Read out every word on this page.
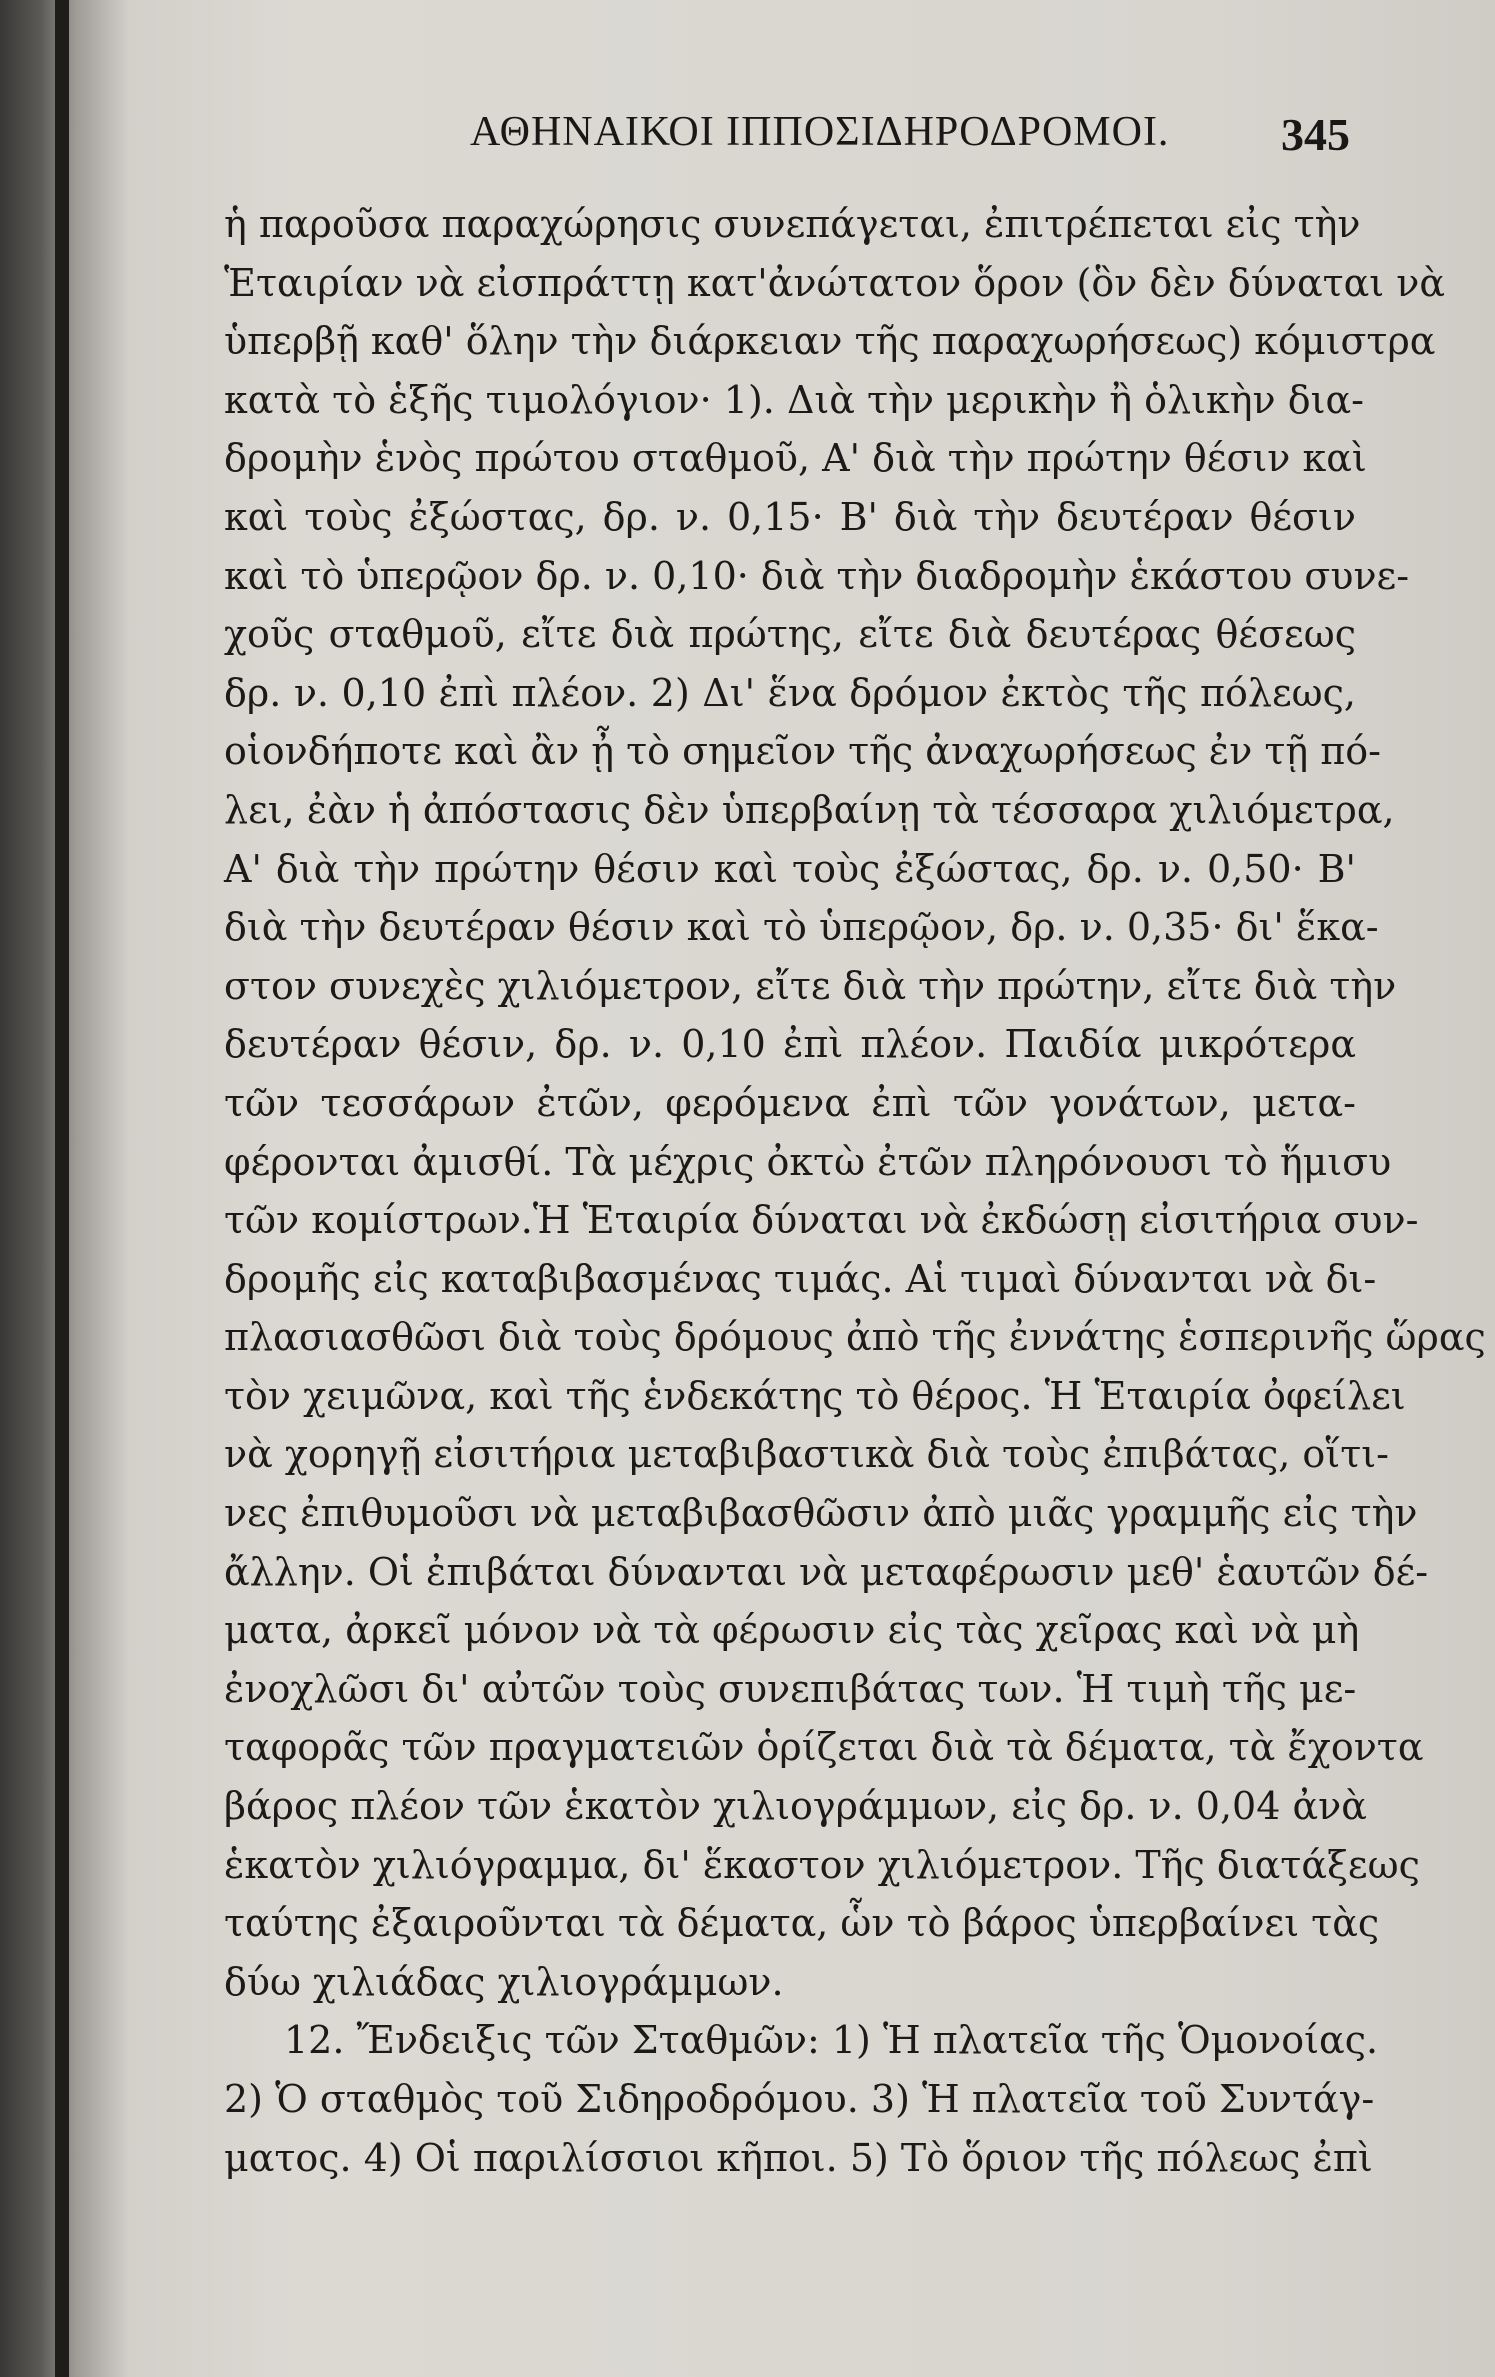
ΑΘΗΝΑΙΚΟΙ ΙΠΠΟΣΙΔΗΡΟΔΡΟΜΟΙ. 345
ἡ παροῦσα παραχώρησις συνεπάγεται, ἐπιτρέπεται εἰς τὴν
Ἑταιρίαν νὰ εἰσπράττῃ κατ'ἀνώτατον ὅρον (ὃν δὲν δύναται νὰ
ὑπερβῇ καθ' ὅλην τὴν διάρκειαν τῆς παραχωρήσεως) κόμιστρα
κατὰ τὸ ἑξῆς τιμολόγιον· 1). Διὰ τὴν μερικὴν ἢ ὁλικὴν δια-
δρομὴν ἑνὸς πρώτου σταθμοῦ, Α' διὰ τὴν πρώτην θέσιν καὶ
καὶ τοὺς ἐξώστας, δρ. ν. 0,15· Β' διὰ τὴν δευτέραν θέσιν
καὶ τὸ ὑπερῷον δρ. ν. 0,10· διὰ τὴν διαδρομὴν ἑκάστου συνε-
χοῦς σταθμοῦ, εἴτε διὰ πρώτης, εἴτε διὰ δευτέρας θέσεως
δρ. ν. 0,10 ἐπὶ πλέον. 2) Δι' ἕνα δρόμον ἐκτὸς τῆς πόλεως,
οἱονδήποτε καὶ ἂν ᾖ τὸ σημεῖον τῆς ἀναχωρήσεως ἐν τῇ πό-
λει, ἐὰν ἡ ἀπόστασις δὲν ὑπερβαίνῃ τὰ τέσσαρα χιλιόμετρα,
Α' διὰ τὴν πρώτην θέσιν καὶ τοὺς ἐξώστας, δρ. ν. 0,50· Β'
διὰ τὴν δευτέραν θέσιν καὶ τὸ ὑπερῷον, δρ. ν. 0,35· δι' ἕκα-
στον συνεχὲς χιλιόμετρον, εἴτε διὰ τὴν πρώτην, εἴτε διὰ τὴν
δευτέραν θέσιν, δρ. ν. 0,10 ἐπὶ πλέον. Παιδία μικρότερα
τῶν τεσσάρων ἐτῶν, φερόμενα ἐπὶ τῶν γονάτων, μετα-
φέρονται ἀμισθί. Τὰ μέχρις ὀκτὼ ἐτῶν πληρόνουσι τὸ ἥμισυ
τῶν κομίστρων.Ἡ Ἑταιρία δύναται νὰ ἐκδώσῃ εἰσιτήρια συν-
δρομῆς εἰς καταβιβασμένας τιμάς. Αἱ τιμαὶ δύνανται νὰ δι-
πλασιασθῶσι διὰ τοὺς δρόμους ἀπὸ τῆς ἐννάτης ἑσπερινῆς ὥρας
τὸν χειμῶνα, καὶ τῆς ἑνδεκάτης τὸ θέρος. Ἡ Ἑταιρία ὀφείλει
νὰ χορηγῇ εἰσιτήρια μεταβιβαστικὰ διὰ τοὺς ἐπιβάτας, οἵτι-
νες ἐπιθυμοῦσι νὰ μεταβιβασθῶσιν ἀπὸ μιᾶς γραμμῆς εἰς τὴν
ἄλλην. Οἱ ἐπιβάται δύνανται νὰ μεταφέρωσιν μεθ' ἑαυτῶν δέ-
ματα, ἀρκεῖ μόνον νὰ τὰ φέρωσιν εἰς τὰς χεῖρας καὶ νὰ μὴ
ἐνοχλῶσι δι' αὐτῶν τοὺς συνεπιβάτας των. Ἡ τιμὴ τῆς με-
ταφορᾶς τῶν πραγματειῶν ὁρίζεται διὰ τὰ δέματα, τὰ ἔχοντα
βάρος πλέον τῶν ἑκατὸν χιλιογράμμων, εἰς δρ. ν. 0,04 ἀνὰ
ἑκατὸν χιλιόγραμμα, δι' ἕκαστον χιλιόμετρον. Τῆς διατάξεως
ταύτης ἐξαιροῦνται τὰ δέματα, ὧν τὸ βάρος ὑπερβαίνει τὰς
δύω χιλιάδας χιλιογράμμων.
12. Ἔνδειξις τῶν Σταθμῶν: 1) Ἡ πλατεῖα τῆς Ὁμονοίας.
2) Ὁ σταθμὸς τοῦ Σιδηροδρόμου. 3) Ἡ πλατεῖα τοῦ Συντάγ-
ματος. 4) Οἱ παριλίσσιοι κῆποι. 5) Τὸ ὅριον τῆς πόλεως ἐπὶ
